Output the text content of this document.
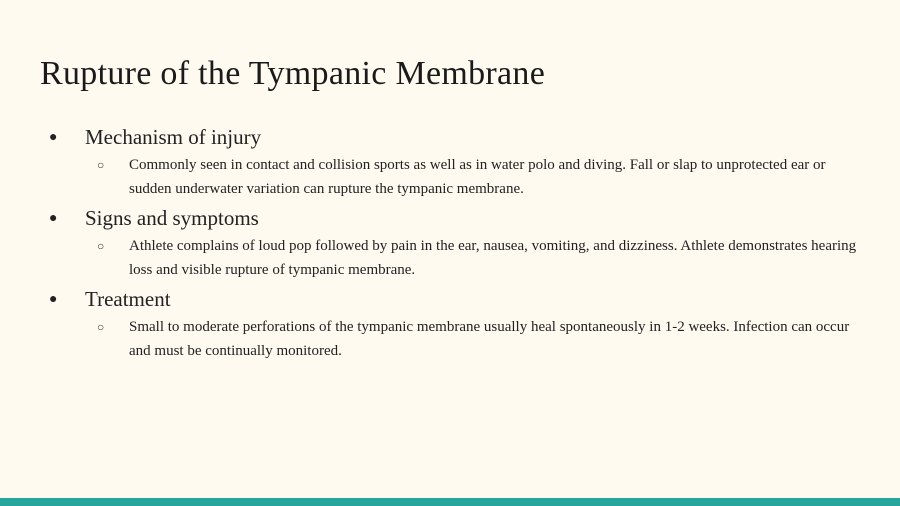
Rupture of the Tympanic Membrane
● Mechanism of injury
○ Commonly seen in contact and collision sports as well as in water polo and diving. Fall or slap to unprotected ear or sudden underwater variation can rupture the tympanic membrane.
● Signs and symptoms
○ Athlete complains of loud pop followed by pain in the ear, nausea, vomiting, and dizziness. Athlete demonstrates hearing loss and visible rupture of tympanic membrane.
● Treatment
○ Small to moderate perforations of the tympanic membrane usually heal spontaneously in 1-2 weeks. Infection can occur and must be continually monitored.
